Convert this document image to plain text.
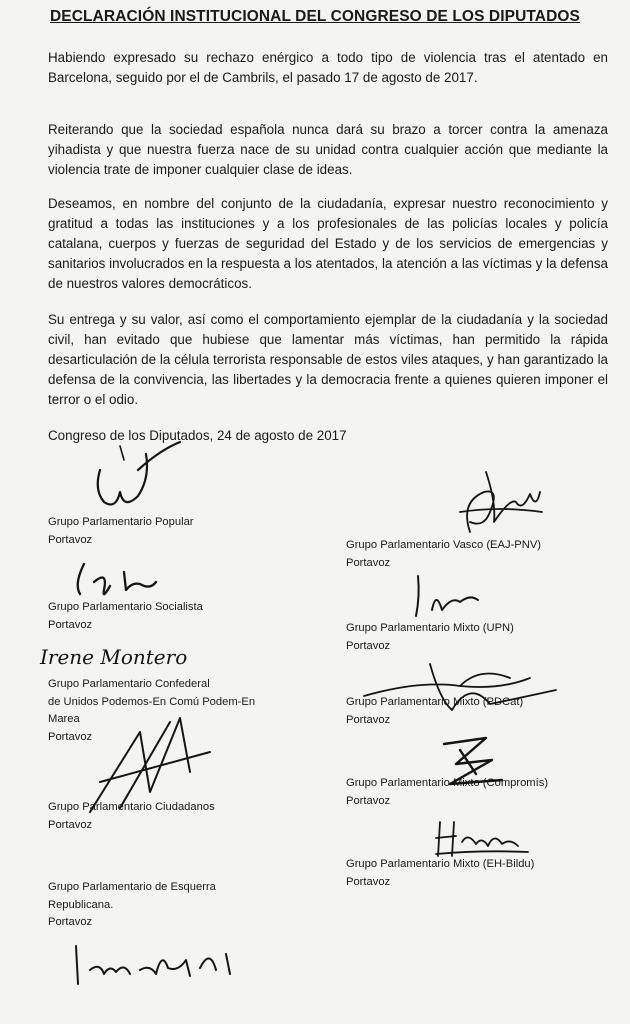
DECLARACIÓN INSTITUCIONAL DEL CONGRESO DE LOS DIPUTADOS

Habiendo expresado su rechazo enérgico a todo tipo de violencia tras el atentado en Barcelona, seguido por el de Cambrils, el pasado 17 de agosto de 2017.

Reiterando que la sociedad española nunca dará su brazo a torcer contra la amenaza yihadista y que nuestra fuerza nace de su unidad contra cualquier acción que mediante la violencia trate de imponer cualquier clase de ideas.

Deseamos, en nombre del conjunto de la ciudadanía, expresar nuestro reconocimiento y gratitud a todas las instituciones y a los profesionales de las policías locales y policía catalana, cuerpos y fuerzas de seguridad del Estado y de los servicios de emergencias y sanitarios involucrados en la respuesta a los atentados, la atención a las víctimas y la defensa de nuestros valores democráticos.

Su entrega y su valor, así como el comportamiento ejemplar de la ciudadanía y la sociedad civil, han evitado que hubiese que lamentar más víctimas, han permitido la rápida desarticulación de la célula terrorista responsable de estos viles ataques, y han garantizado la defensa de la convivencia, las libertades y la democracia frente a quienes quieren imponer el terror o el odio.

Congreso de los Diputados, 24 de agosto de 2017
Grupo Parlamentario Popular
Portavoz
Grupo Parlamentario Socialista
Portavoz
Grupo Parlamentario Confederal
de Unidos Podemos-En Comú Podem-En
Marea
Portavoz
Grupo Parlamentario Ciudadanos
Portavoz
Grupo Parlamentario de Esquerra
Republicana.
Portavoz
Grupo Parlamentario Vasco (EAJ-PNV)
Portavoz
Grupo Parlamentario Mixto (UPN)
Portavoz
Grupo Parlamentario Mixto (PDCat)
Portavoz
Grupo Parlamentario Mixto (Compromís)
Portavoz
Grupo Parlamentario Mixto (EH-Bildu)
Portavoz
Irene Montero
